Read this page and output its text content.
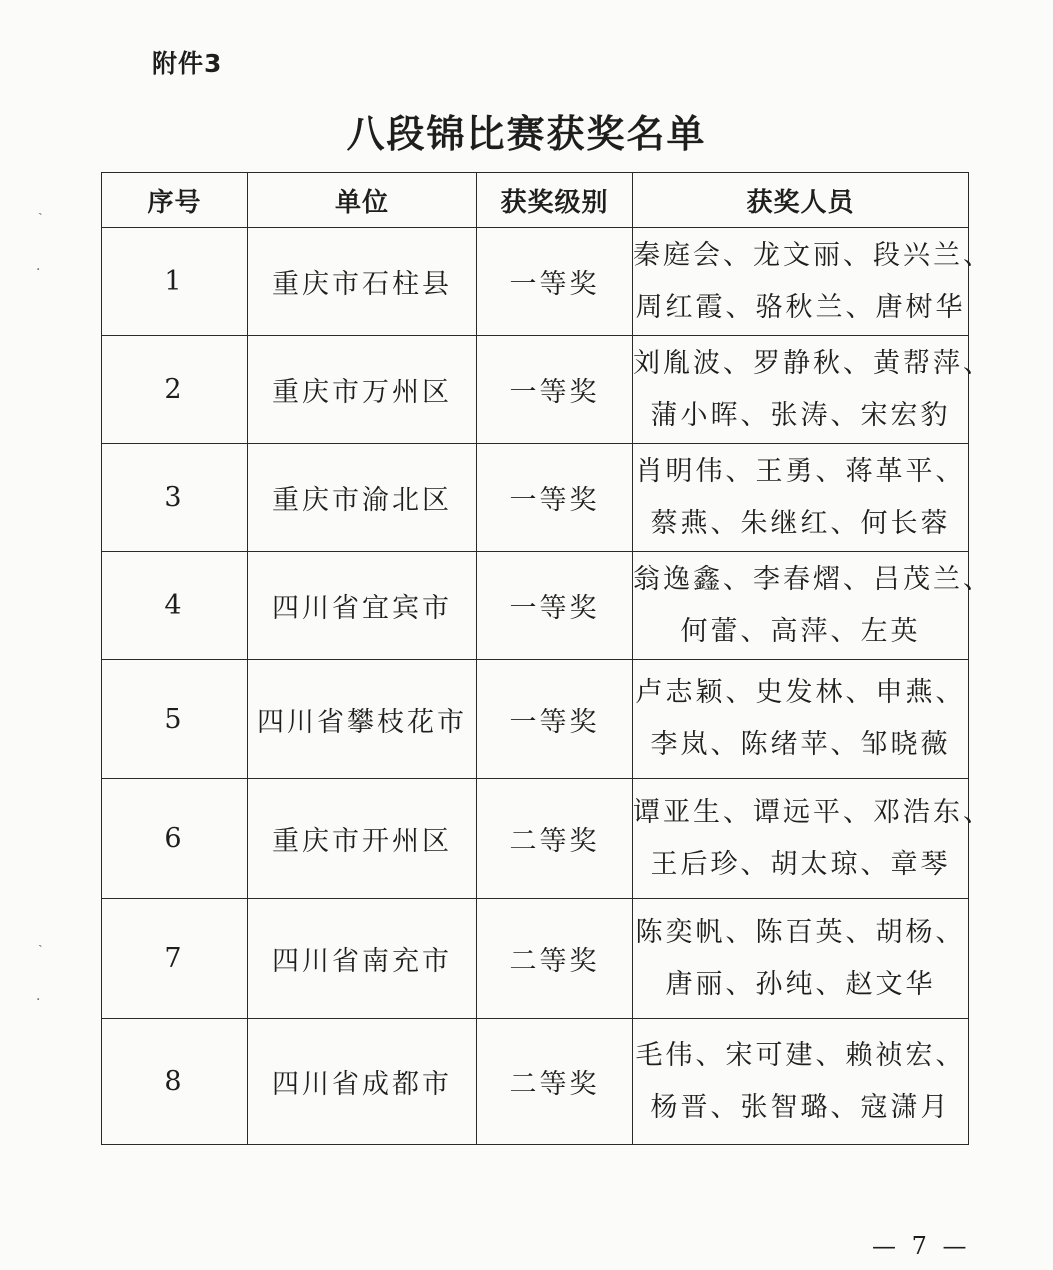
附件3
八段锦比赛获奖名单
ˎ
·
ˎ
·
序号	单位	获奖级别	获奖人员
1	重庆市石柱县	一等奖	秦庭会、龙文丽、段兴兰、
周红霞、骆秋兰、唐树华

2	重庆市万州区	一等奖	刘胤波、罗静秋、黄帮萍、
蒲小晖、张涛、宋宏豹

3	重庆市渝北区	一等奖	肖明伟、王勇、蒋革平、
蔡燕、朱继红、何长蓉

4	四川省宜宾市	一等奖	翁逸鑫、李春熠、吕茂兰、
何蕾、高萍、左英

5	四川省攀枝花市	一等奖	卢志颖、史发林、申燕、
李岚、陈绪苹、邹晓薇

6	重庆市开州区	二等奖	谭亚生、谭远平、邓浩东、
王后珍、胡太琼、章琴

7	四川省南充市	二等奖	陈奕帆、陈百英、胡杨、
唐丽、孙纯、赵文华

8	四川省成都市	二等奖	毛伟、宋可建、赖祯宏、
杨晋、张智璐、寇潇月
— 7 —
